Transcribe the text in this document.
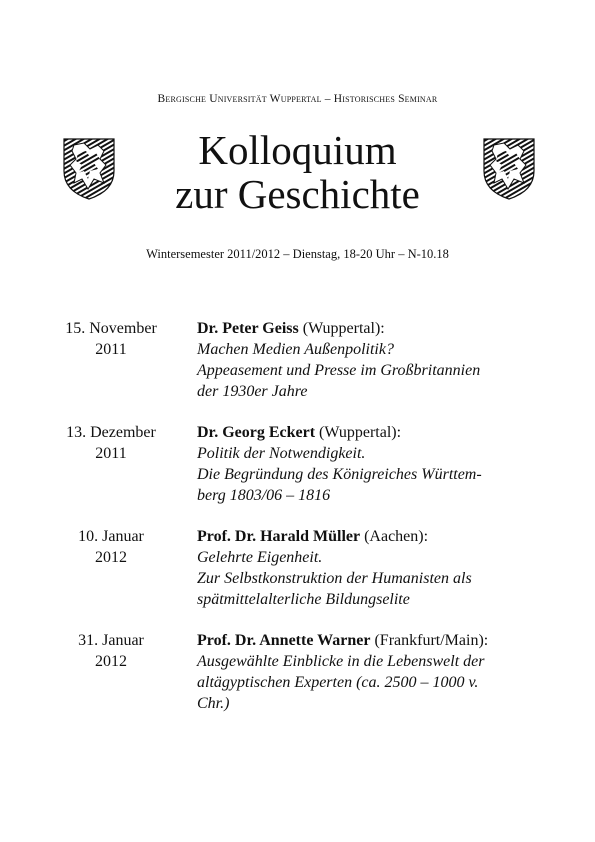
Bergische Universität Wuppertal – Historisches Seminar
Kolloquium
zur Geschichte
Wintersemester 2011/2012 – Dienstag, 18-20 Uhr – N-10.18
15. November
2011
Dr. Peter Geiss (Wuppertal):
Machen Medien Außenpolitik?
Appeasement und Presse im Großbritannien
der 1930er Jahre
13. Dezember
2011
Dr. Georg Eckert (Wuppertal):
Politik der Notwendigkeit.
Die Begründung des Königreiches Württem-
berg 1803/06 – 1816
10. Januar
2012
Prof. Dr. Harald Müller (Aachen):
Gelehrte Eigenheit.
Zur Selbstkonstruktion der Humanisten als
spätmittelalterliche Bildungselite
31. Januar
2012
Prof. Dr. Annette Warner (Frankfurt/Main):
Ausgewählte Einblicke in die Lebenswelt der
altägyptischen Experten (ca. 2500 – 1000 v.
Chr.)
